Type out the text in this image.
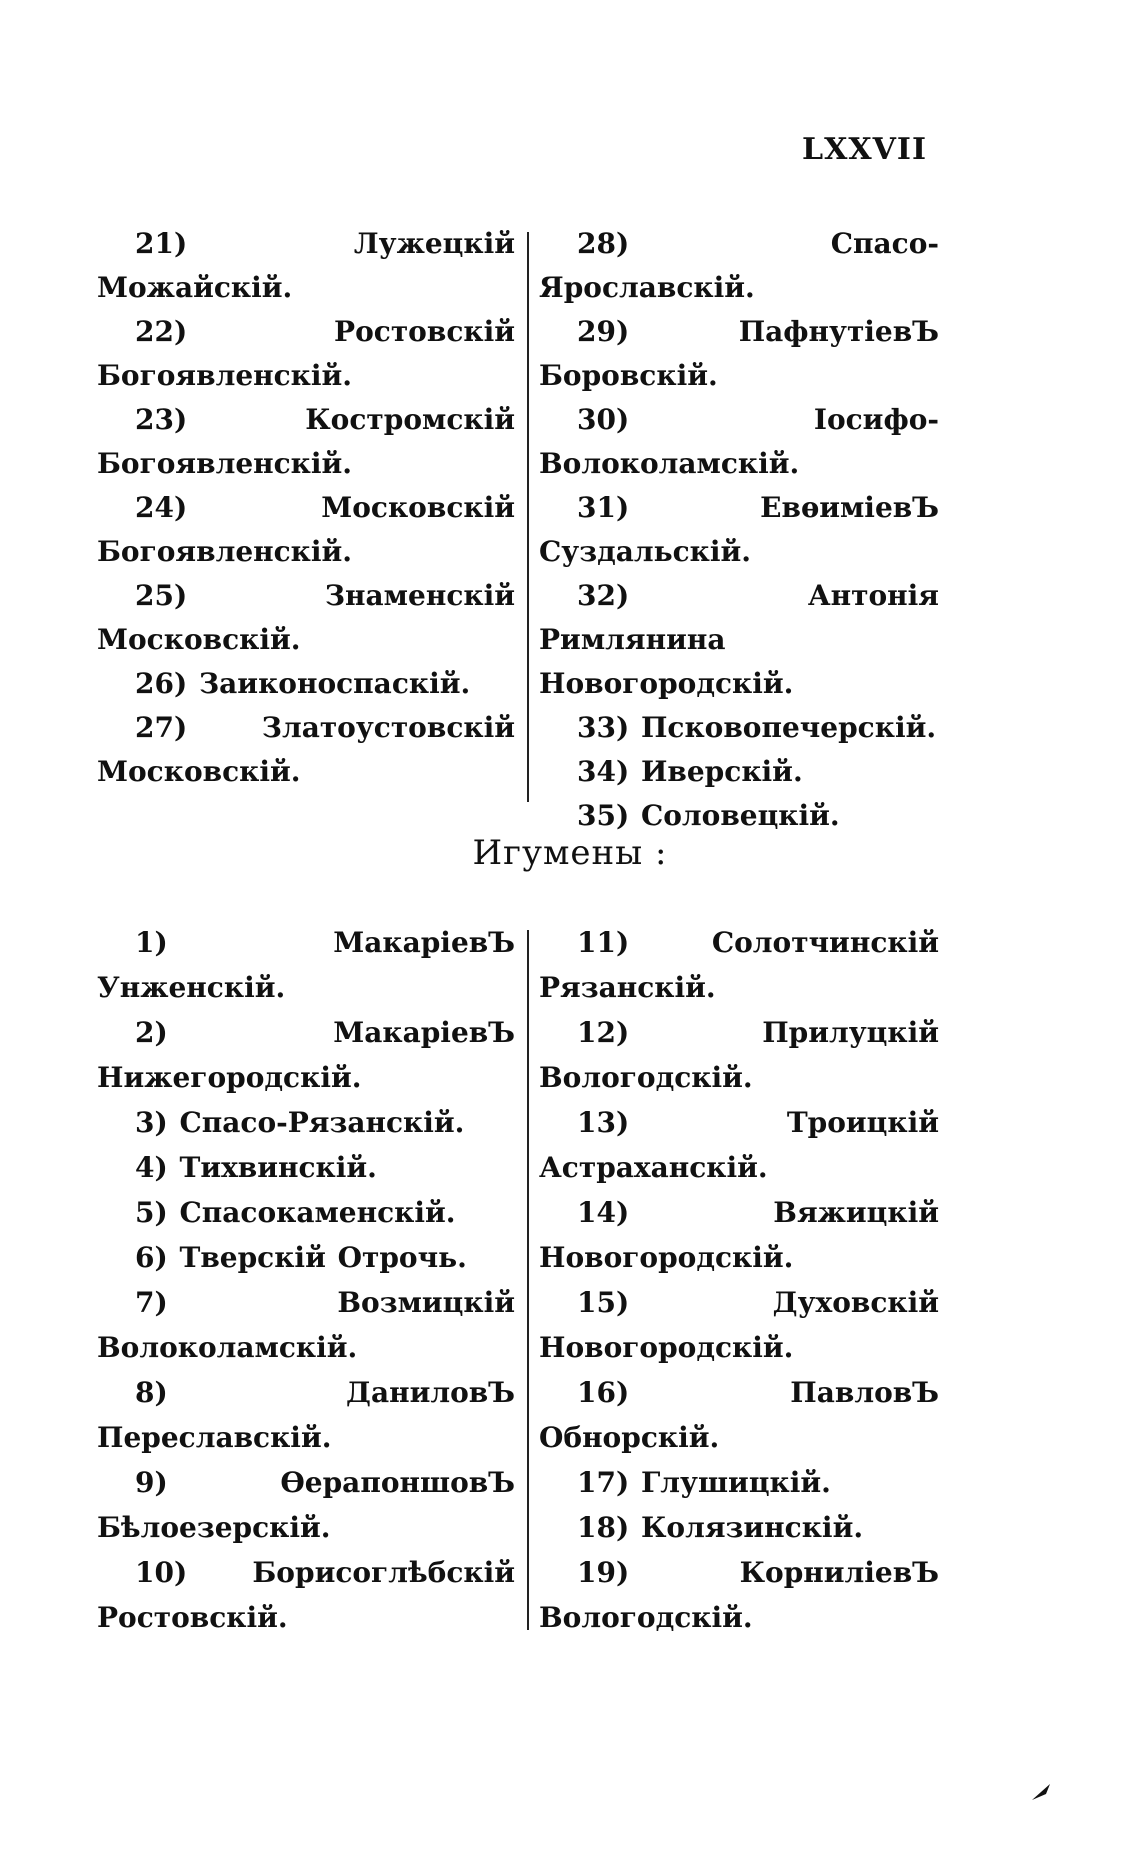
LXXVII

21) Лужецкій Можайскій.

22) Ростовскій Богоявленскій.

23) Костромскій Богоявленскій.

24) Московскій Богоявленскій.

25) Знаменскій Московскій.

26) Заиконоспаскій.

27) Златоустовскій Московскій.

28) Спасо-Ярославскій.

29) ПафнутіевЪ Боровскій.

30) Іосифо-Волоколамскій.

31) ЕвѳиміевЪ Суздальскій.

32) Антонія Римлянина Новогородскій.

33) Псковопечерскій.

34) Иверскій.

35) Соловецкій.

Игумены :

1) МакаріевЪ Унженскій.

2) МакаріевЪ Нижегородскій.

3) Спасо-Рязанскій.

4) Тихвинскій.

5) Спасокаменскій.

6) Тверскій Отрочь.

7) Возмицкій Волоколамскій.

8) ДаниловЪ Переславскій.

9) ѲерапоншовЪ Бѣлоезерскій.

10) Борисоглѣбскій Ростовскій.

11) Солотчинскій Рязанскій.

12) Прилуцкій Вологодскій.

13) Троицкій Астраханскій.

14) Вяжицкій Новогородскій.

15) Духовскій Новогородскій.

16) ПавловЪ Обнорскій.

17) Глушицкій.

18) Колязинскій.

19) КорниліевЪ Вологодскій.
